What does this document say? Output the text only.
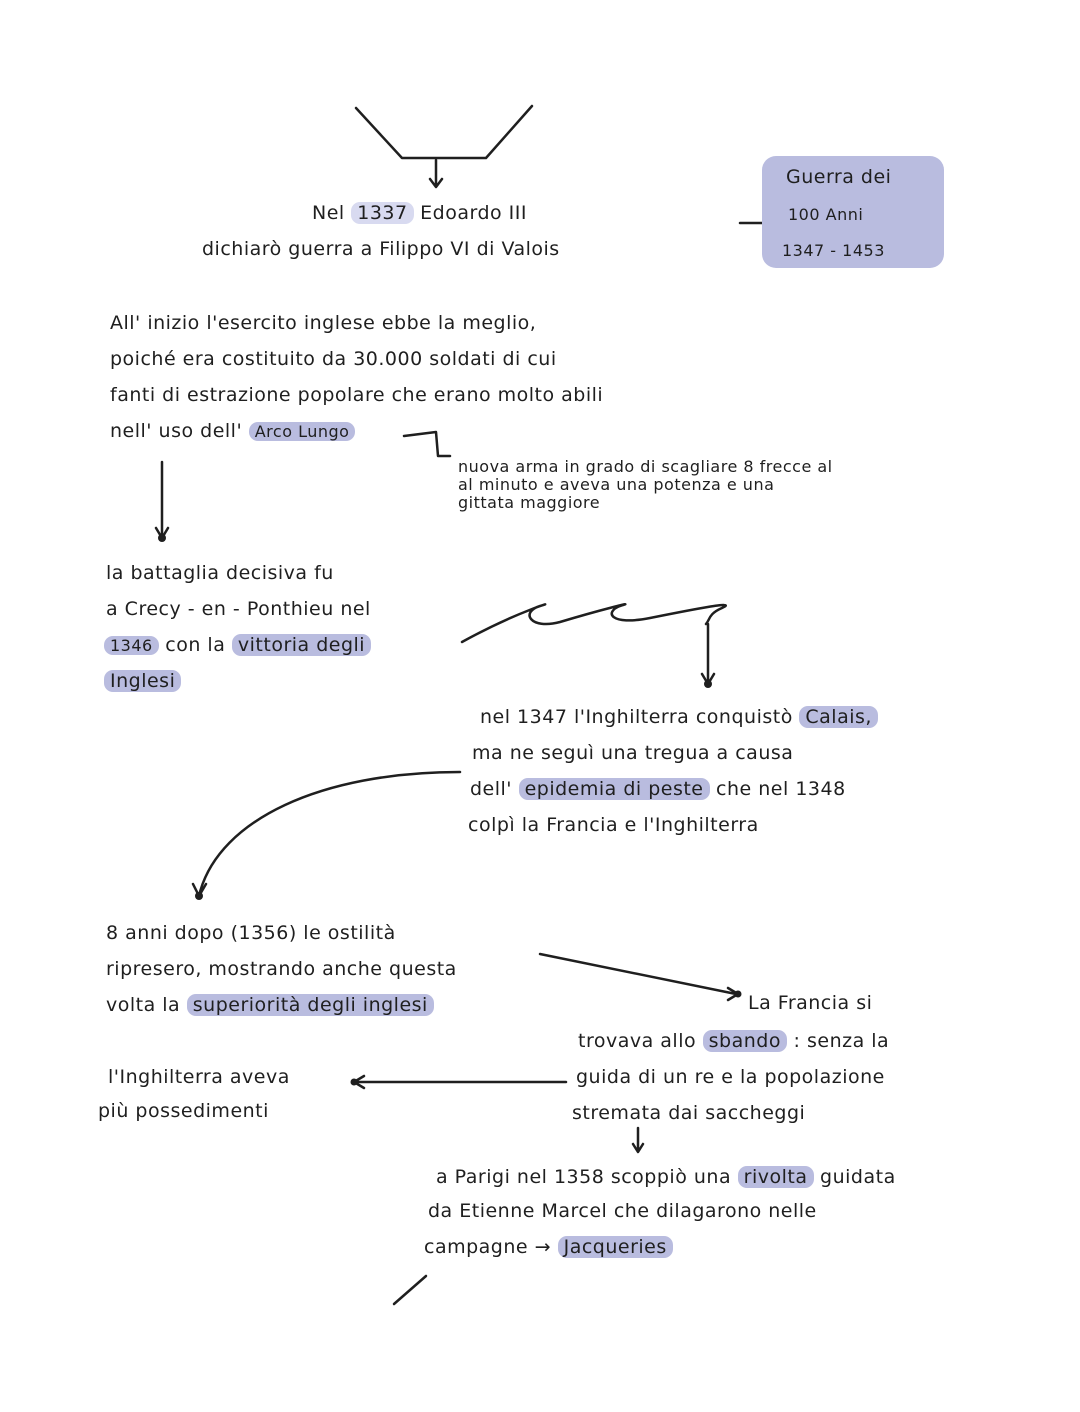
Guerra dei
100 Anni
1347 - 1453
Nel 1337 Edoardo III
dichiarò guerra a Filippo VI di Valois
All' inizio l'esercito inglese ebbe la meglio,
poiché era costituito da 30.000 soldati di cui
fanti di estrazione popolare che erano molto abili
nell' uso dell' Arco Lungo
nuova arma in grado di scagliare 8 frecce al
al minuto e aveva una potenza e una
gittata maggiore
la battaglia decisiva fu
a Crecy - en - Ponthieu nel
1346 con la vittoria degli
Inglesi
nel 1347 l'Inghilterra conquistò Calais,
ma ne seguì una tregua a causa
dell' epidemia di peste che nel 1348
colpì la Francia e l'Inghilterra
8 anni dopo (1356) le ostilità
ripresero, mostrando anche questa
volta la superiorità degli inglesi	La Francia si
trovava allo sbando : senza la
guida di un re e la popolazione
stremata dai saccheggi
l'Inghilterra aveva
più possedimenti
a Parigi nel 1358 scoppiò una rivolta guidata
da Etienne Marcel che dilagarono nelle
campagne → Jacqueries
